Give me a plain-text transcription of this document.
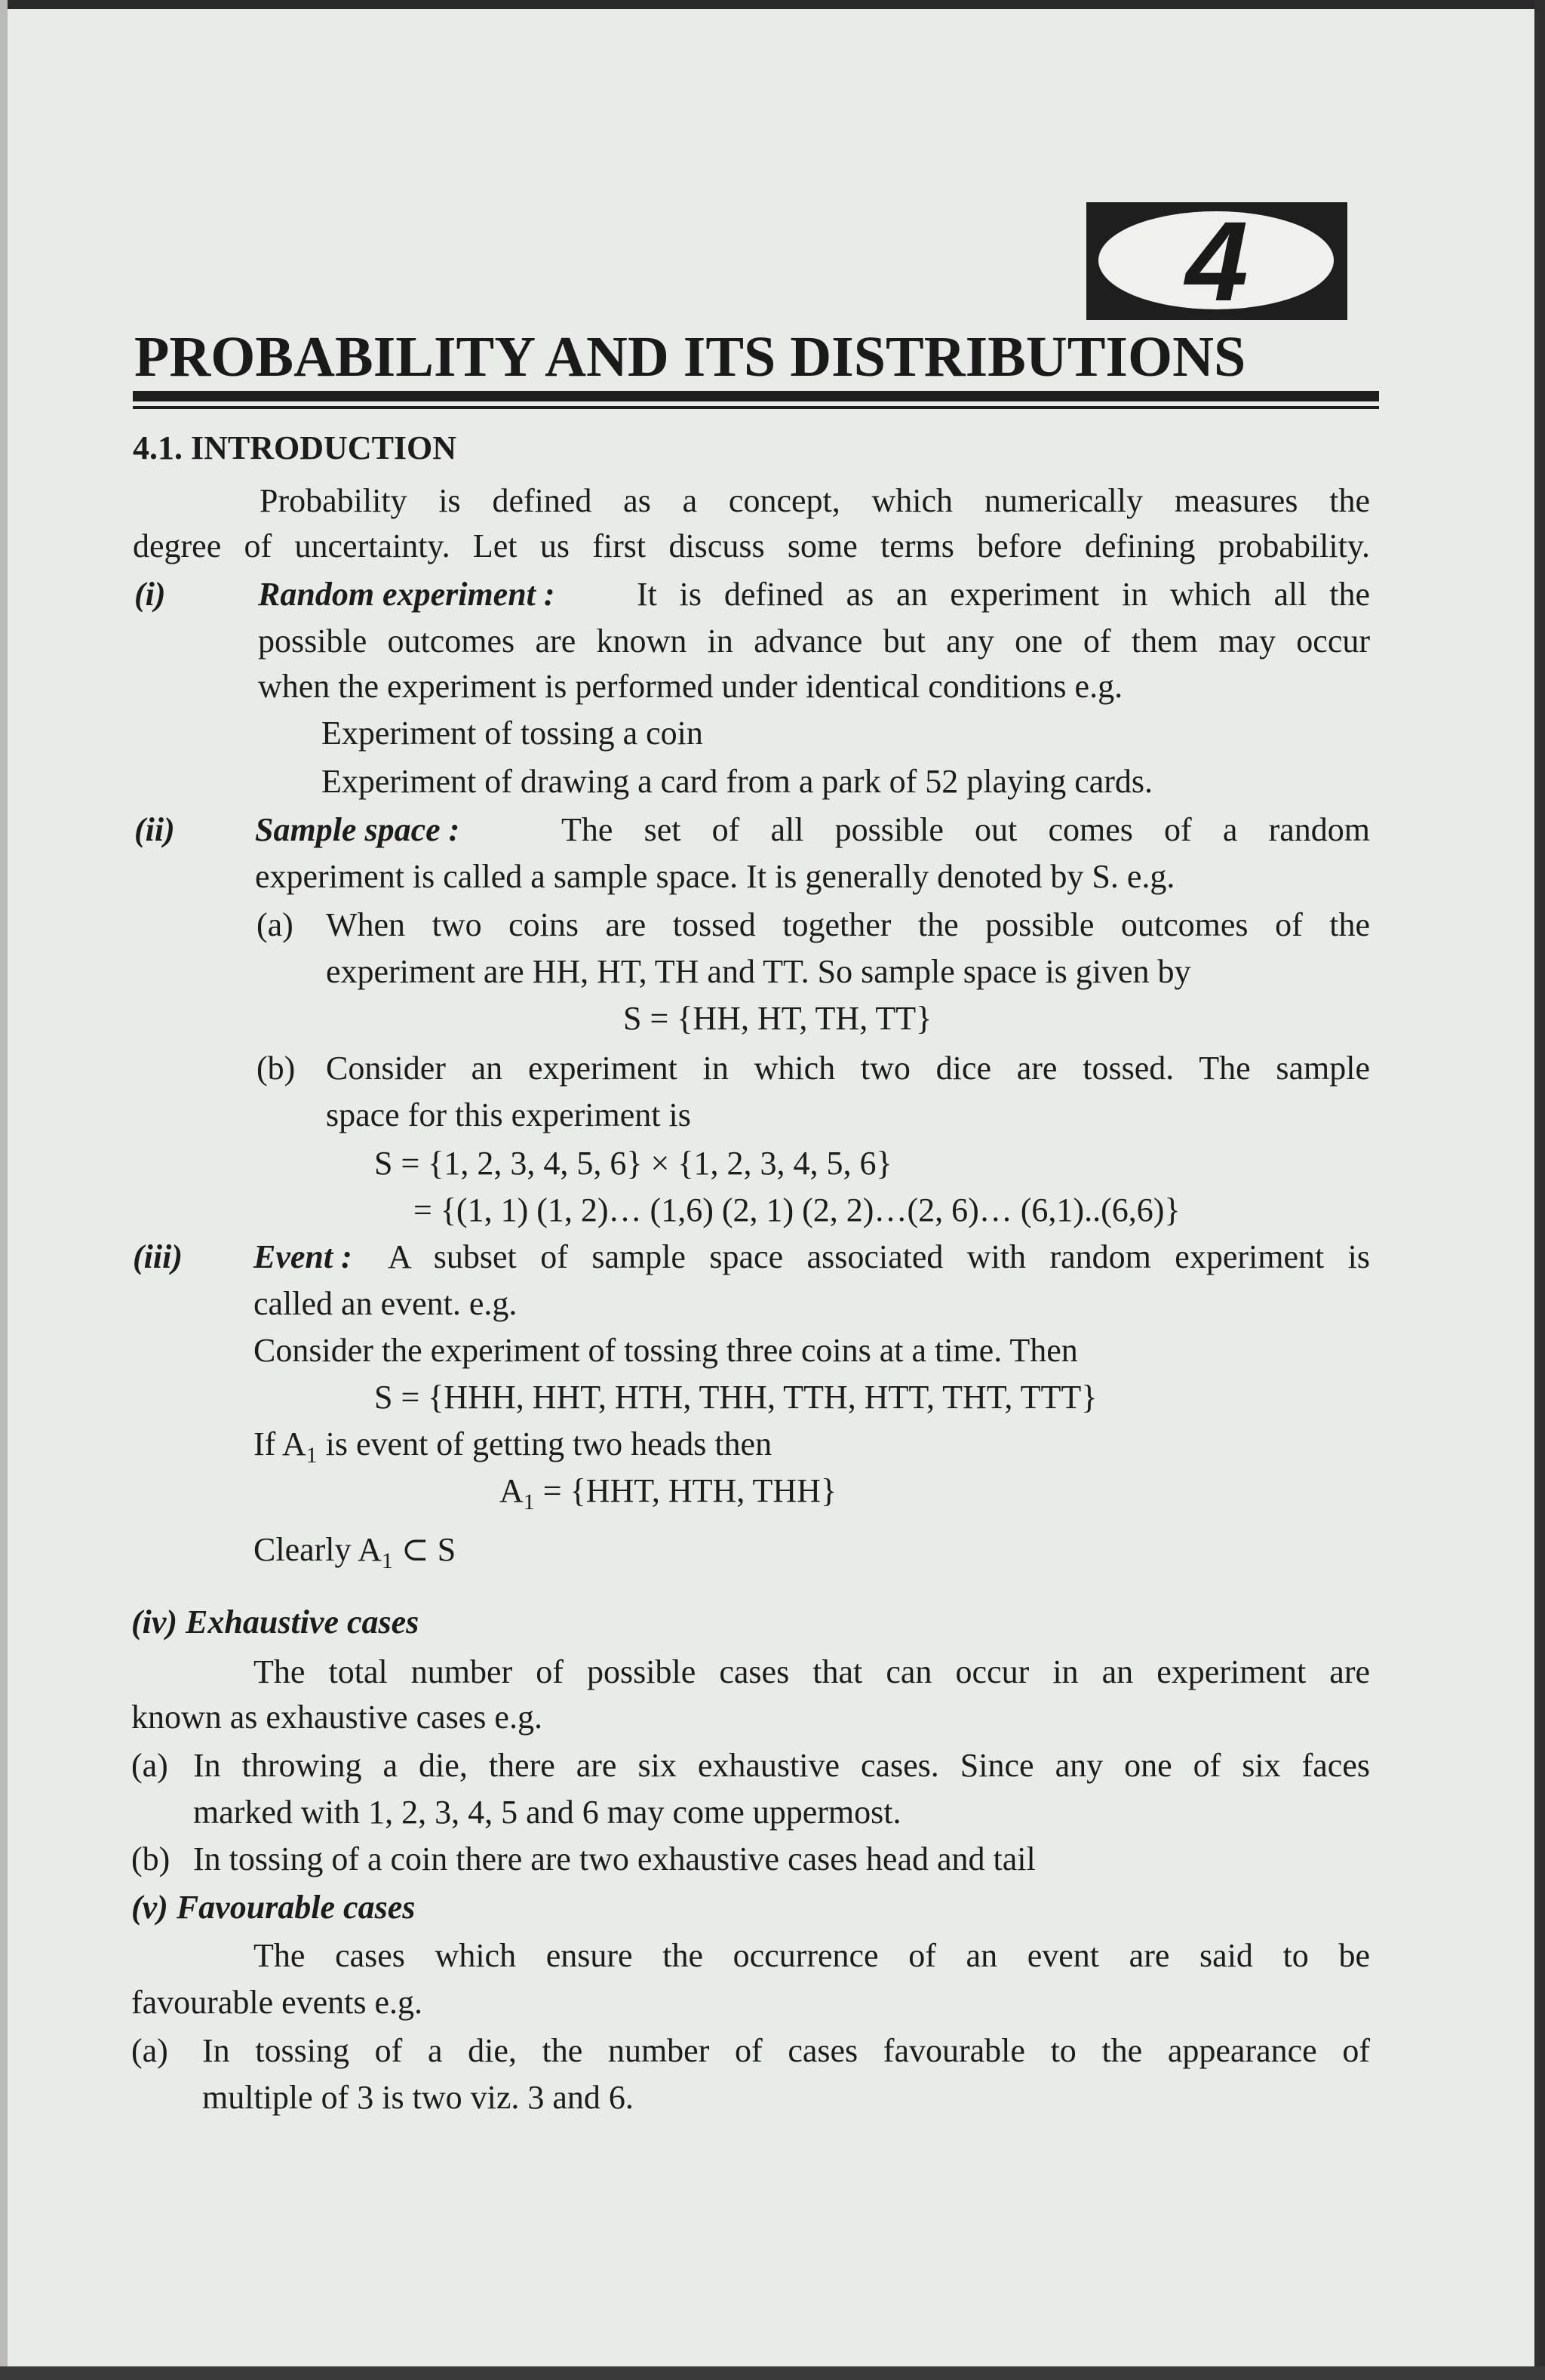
4
PROBABILITY AND ITS DISTRIBUTIONS
4.1. INTRODUCTION
Probability is defined as a concept, which numerically measures the
degree of uncertainty. Let us first discuss some terms before defining probability.
(i)	Random experiment : It is defined as an experiment in which all the
possible outcomes are known in advance but any one of them may occur
when the experiment is performed under identical conditions e.g.
Experiment of tossing a coin
Experiment of drawing a card from a park of 52 playing cards.
(ii) Sample space :	The set of all possible out comes of a random
experiment is called a sample space. It is generally denoted by S. e.g.
(a) When two coins are tossed together the possible outcomes of the
experiment are HH, HT, TH and TT. So sample space is given by
S = {HH, HT, TH, TT}
(b) Consider an experiment in which two dice are tossed. The sample
space for this experiment is
S = {1, 2, 3, 4, 5, 6} × {1, 2, 3, 4, 5, 6}
= {(1, 1) (1, 2)… (1,6) (2, 1) (2, 2)…(2, 6)… (6,1)..(6,6)}
(iii) Event : A subset of sample space associated with random experiment is
called an event. e.g.
Consider the experiment of tossing three coins at a time. Then
S = {HHH, HHT, HTH, THH, TTH, HTT, THT, TTT}
If $A_1$ is event of getting two heads then
$A_1 = \{HHT$, HTH, THH}
Clearly $A_1$ ⊂ S
(iv) Exhaustive cases
The total number of possible cases that can occur in an experiment are
known as exhaustive cases e.g.
(a) In throwing a die, there are six exhaustive cases. Since any one of six faces
marked with 1, 2, 3, 4, 5 and 6 may come uppermost.
(b) In tossing of a coin there are two exhaustive cases head and tail
(v) Favourable cases
The cases which ensure the occurrence of an event are said to be
favourable events e.g.
(a) In tossing of a die, the number of cases favourable to the appearance of
multiple of 3 is two viz. 3 and 6.
